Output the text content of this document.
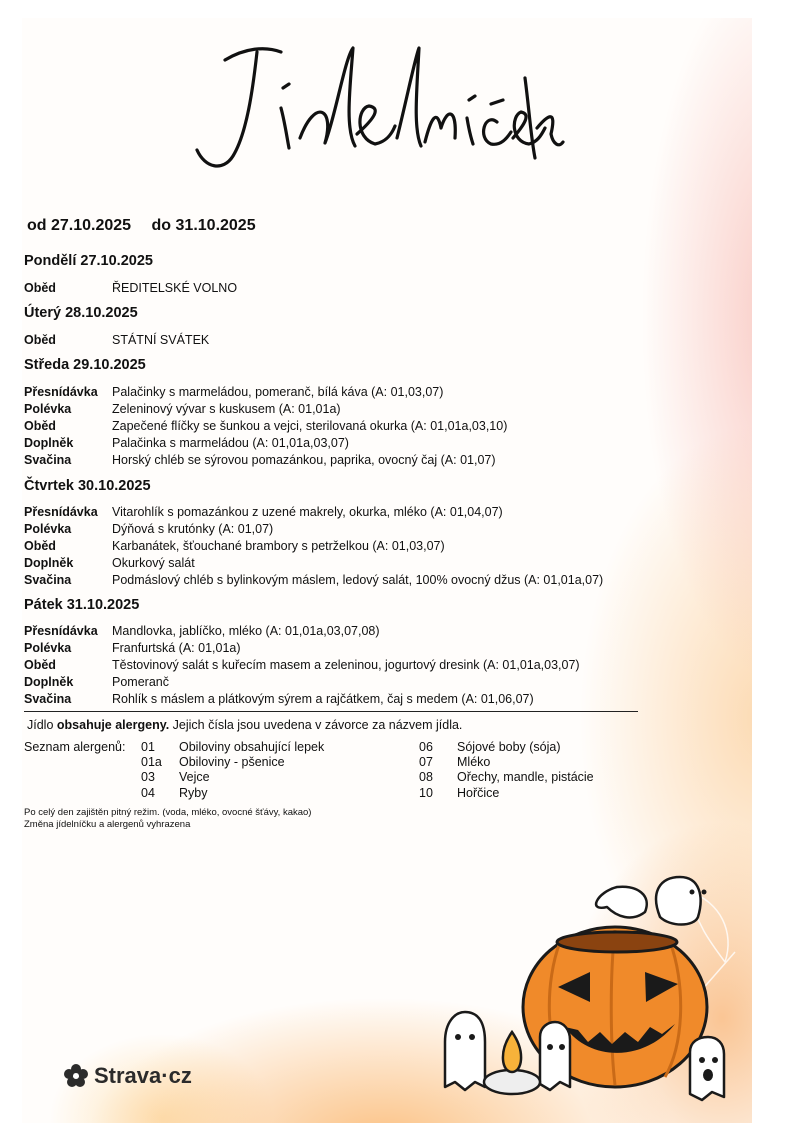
od 27.10.2025 do 31.10.2025
Pondělí 27.10.2025
Oběd	ŘEDITELSKÉ VOLNO
Úterý 28.10.2025
Oběd	STÁTNÍ SVÁTEK
Středa 29.10.2025
Přesnídávka Palačinky s marmeládou, pomeranč, bílá káva (A: 01,03,07)
Polévka	Zeleninový vývar s kuskusem (A: 01,01a)
Oběd	Zapečené flíčky se šunkou a vejci, sterilovaná okurka (A: 01,01a,03,10)
Doplněk	Palačinka s marmeládou (A: 01,01a,03,07)
Svačina	Horský chléb se sýrovou pomazánkou, paprika, ovocný čaj (A: 01,07)
Čtvrtek 30.10.2025
Přesnídávka Vitarohlík s pomazánkou z uzené makrely, okurka, mléko (A: 01,04,07)
Polévka	Dýňová s krutónky (A: 01,07)
Oběd	Karbanátek, šťouchané brambory s petrželkou (A: 01,03,07)
Doplněk	Okurkový salát
Svačina	Podmáslový chléb s bylinkovým máslem, ledový salát, 100% ovocný džus (A: 01,01a,07)
Pátek 31.10.2025
Přesnídávka Mandlovka, jablíčko, mléko (A: 01,01a,03,07,08)
Polévka	Franfurtská (A: 01,01a)
Oběd	Těstovinový salát s kuřecím masem a zeleninou, jogurtový dresink (A: 01,01a,03,07)
Doplněk	Pomeranč
Svačina	Rohlík s máslem a plátkovým sýrem a rajčátkem, čaj s medem (A: 01,06,07)
Jídlo obsahuje alergeny. Jejich čísla jsou uvedena v závorce za názvem jídla.
Seznam alergenů: 01 Obiloviny obsahující lepek
01a Obiloviny - pšenice
03 Vejce
04 Ryby
06 Sójové boby (sója)
07 Mléko
08 Ořechy, mandle, pistácie
10 Hořčice
Po celý den zajištěn pitný režim. (voda, mléko, ovocné šťávy, kakao)
Změna jídelníčku a alergenů vyhrazena
Strava·cz
